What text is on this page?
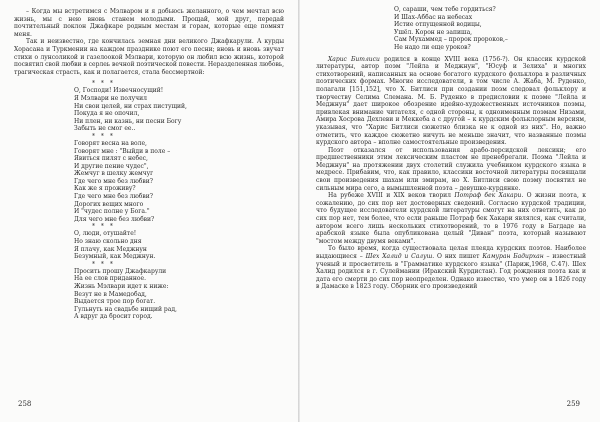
– Когда мы встретимся с Мэлваром и я добьюсь желанного, о чем мечтал всю жизнь, мы с нею вновь станем молодыми. Прощай, мой друг, передай почтительный поклон Джафкаре родным местам и горам, которые еще помнят меня.

Так и неизвестно, где кончилась земная дни великого Джафкарули. А курды Хорасана и Туркмении на каждом празднике поют его песни; вновь и вновь звучат стихи о лунсоликой и газелоокой Мэлвари, которую он любил всю жизнь, которой посвятил свой любви в серлеь вечной поэтической повести. Неразделенная любовь, трагическая страсть, как и полагается, стала бессмертной:

* * *
О, Господи! Извечносущий!
Я Мэлвари не получил
Ни свои целей, ни страх пистущий,
Покуда я не опочил,
Ни плен, ни казнь, ни песни Богу
Забыть не смог ее..
* * *
Говорят весна на воле,
Говорят мне : "Выйди в поле –
Явиться пилят с небес,
И другие пение чудес",
Жемчуг в шелку жемчуг
Где чего мне без любви?
Как же я проживу?
Где чего мне без любви?
Дорогих вещих много
И "чудес полне у Бога."
Для чего мне без любви?
* * *
О, люди, отушайте!
Но знаю скольно дня
Я плачу, как Меджнун
Безумный, как Меджнун.
* * *
Просить прошу Джафкарули
На ее слов приданное.
Жизнь Мэлвари идет к ниже:
Везут не в Мамедобад,
Выдается трое пор богат.
Гульнуть на свадьбе нищий рад,
А вдруг да бросит город.
258
О, сараши, чем тебе гордиться?
И Шах-Аббас на небесах
Истие отпущенной водицы,
Ушёл. Корон не запиша,
Сам Мухаммед – пророк пророков,–
Не надо ли еще уроков?

Харис Битлиси родился в конце XVIII века (1756-?). Он классик курдской литературы, автор поэм "Лейла и Меджнун", "Юсуф и Зелиха" и многих стихотворений, написанных на основе богатого курдского фольклора в различных поэтических формах. Многие исследователи, в том числе А. Жаба, М. Руденко, полагали [151,152], что Х. Битлиси при создании поэм следовал фольклору и творчеству Селима Слемана. М. Б. Руденко в предисловии к поэме "Лейла и Меджнун" дает широкое обозрение идейно-художественных источников поэмы, привлекая внимание читателя, с одной стороны, к одноименным поэмам Низами, Амира Хосрова Дехлеви и Меккеба а с другой – к курдским фольклорным версиям, указывая, что "Харис Битлиси сюжетно близка не к одной из них". Но, важно отметить, что каждое сюжетно ничуть не меньше значит, что названные поэмы курдского автора – вполне самостоятельные произведения.

Поэт отказался от использования арабо-персидской лексики; его предшественники этим лексическим пластом не пренебрегали. Поэма "Лейла и Меджнун" на протяжении двух столетий служила учебником курдского языка в медресе. Прибавим, что, как правило, классики восточной литературы посвящали свои произведения шахам или эмирам, но Х. Битлиси свою поэму посвятил не сильным мира сего, а вымышленной поэтa – девушке-курдянке.

На рубеже XVIII и XIX веков творил Потраф бек Хакари. О жизни поэта, к сожалению, до сих пор нет достоверных сведений. Согласно курдской традиции, что будущее исследователи курдской литературы смогут на них ответить, как до сих пор нет, тем более, что если раньше Потраф бек Хакари являлся, как считали, автором всего лишь нескольких стихотворений, то в 1976 году в Багдаде на арабской языке была опубликована целый "Диван" поэта, который называют "мостом между двумя веками".

То было время, когда существовала целая плеяда курдских поэтов. Наиболее выдающиеся – Шех Халид и Салуш. О них пишет Камуран Бадирхан – известный ученый и просветитель в "Грамматике курдского языка" (Париж,1968, С.47). Шех Халид родился в г. Сулеймании (Иракский Курдистан). Год рождения поэта как и дата его смерти до сих пор неопределен. Однако известно, что умер он в 1826 году в Дамаске в 1823 году. Сборник его произведений

259
